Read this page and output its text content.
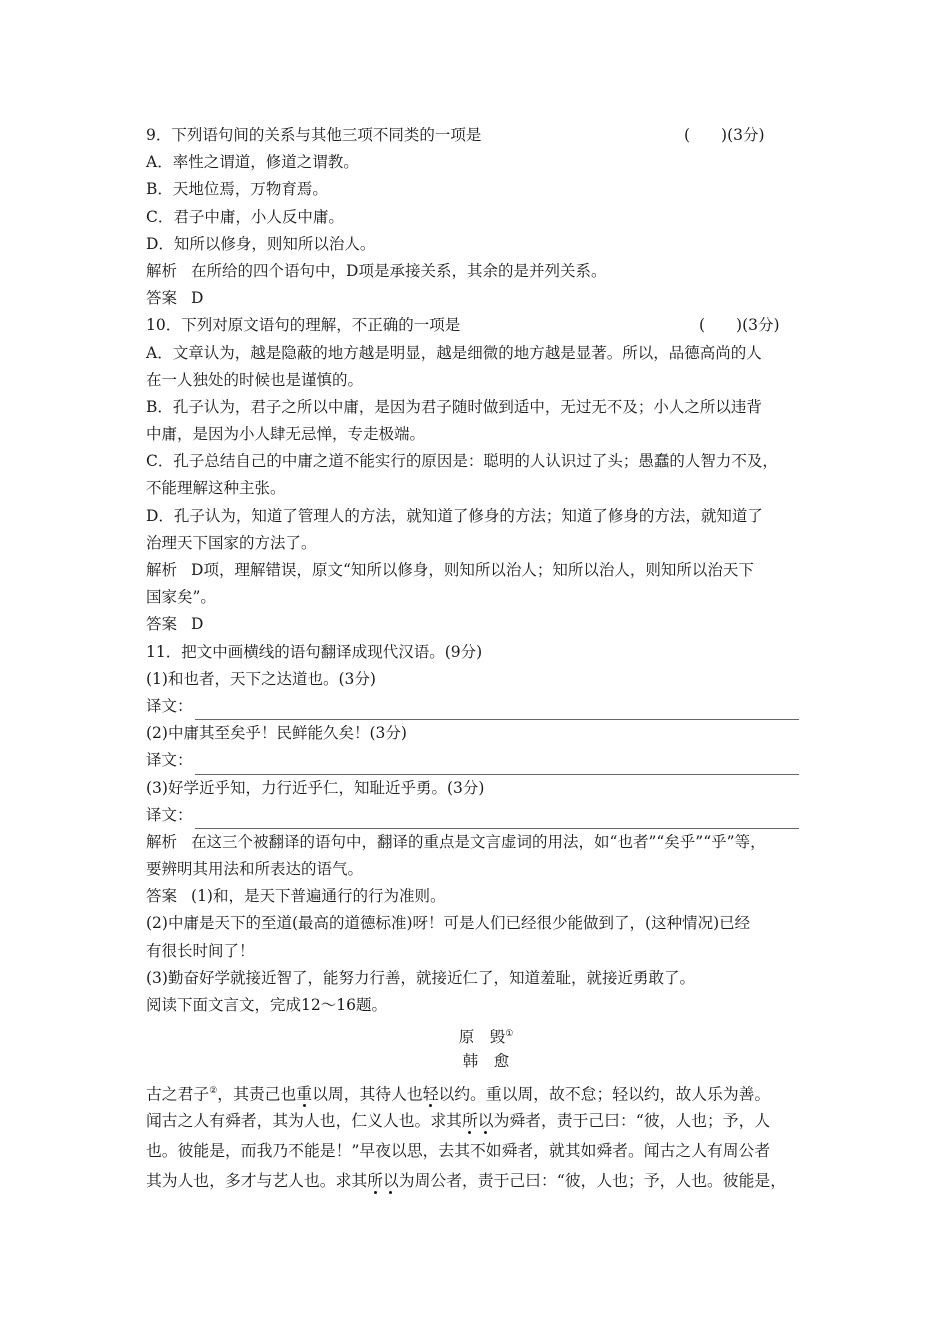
9．下列语句间的关系与其他三项不同类的一项是	(　　)(3分)
A．率性之谓道，修道之谓教。
B．天地位焉，万物育焉。
C．君子中庸，小人反中庸。
D．知所以修身，则知所以治人。
解析 在所给的四个语句中，D项是承接关系，其余的是并列关系。
答案 D
10．下列对原文语句的理解，不正确的一项是	(　　)(3分)
A．文章认为，越是隐蔽的地方越是明显，越是细微的地方越是显著。所以，品德高尚的人
在一人独处的时候也是谨慎的。
B．孔子认为，君子之所以中庸，是因为君子随时做到适中，无过无不及；小人之所以违背
中庸，是因为小人肆无忌惮，专走极端。
C．孔子总结自己的中庸之道不能实行的原因是：聪明的人认识过了头；愚蠢的人智力不及，
不能理解这种主张。
D．孔子认为，知道了管理人的方法，就知道了修身的方法；知道了修身的方法，就知道了
治理天下国家的方法了。
解析 D项，理解错误，原文“知所以修身，则知所以治人；知所以治人，则知所以治天下
国家矣”。
答案 D
11．把文中画横线的语句翻译成现代汉语。(9分)
(1)和也者，天下之达道也。(3分)
译文：
(2)中庸其至矣乎！民鲜能久矣！(3分)
译文：
(3)好学近乎知，力行近乎仁，知耻近乎勇。(3分)
译文：
解析 在这三个被翻译的语句中，翻译的重点是文言虚词的用法，如“也者”“矣乎”“乎”等，
要辨明其用法和所表达的语气。
答案 (1)和，是天下普遍通行的行为准则。
(2)中庸是天下的至道(最高的道德标准)呀！可是人们已经很少能做到了，(这种情况)已经
有很长时间了！
(3)勤奋好学就接近智了，能努力行善，就接近仁了，知道羞耻，就接近勇敢了。
阅读下面文言文，完成12～16题。
原　毁①
韩　愈
古之君子②，其责己也重以周，其待人也轻以约。重以周，故不怠；轻以约，故人乐为善。
闻古之人有舜者，其为人也，仁义人也。求其所以为舜者，责于己曰：“彼，人也；予，人
也。彼能是，而我乃不能是！”早夜以思，去其不如舜者，就其如舜者。闻古之人有周公者
其为人也，多才与艺人也。求其所以为周公者，责于己曰：“彼，人也；予，人也。彼能是，
